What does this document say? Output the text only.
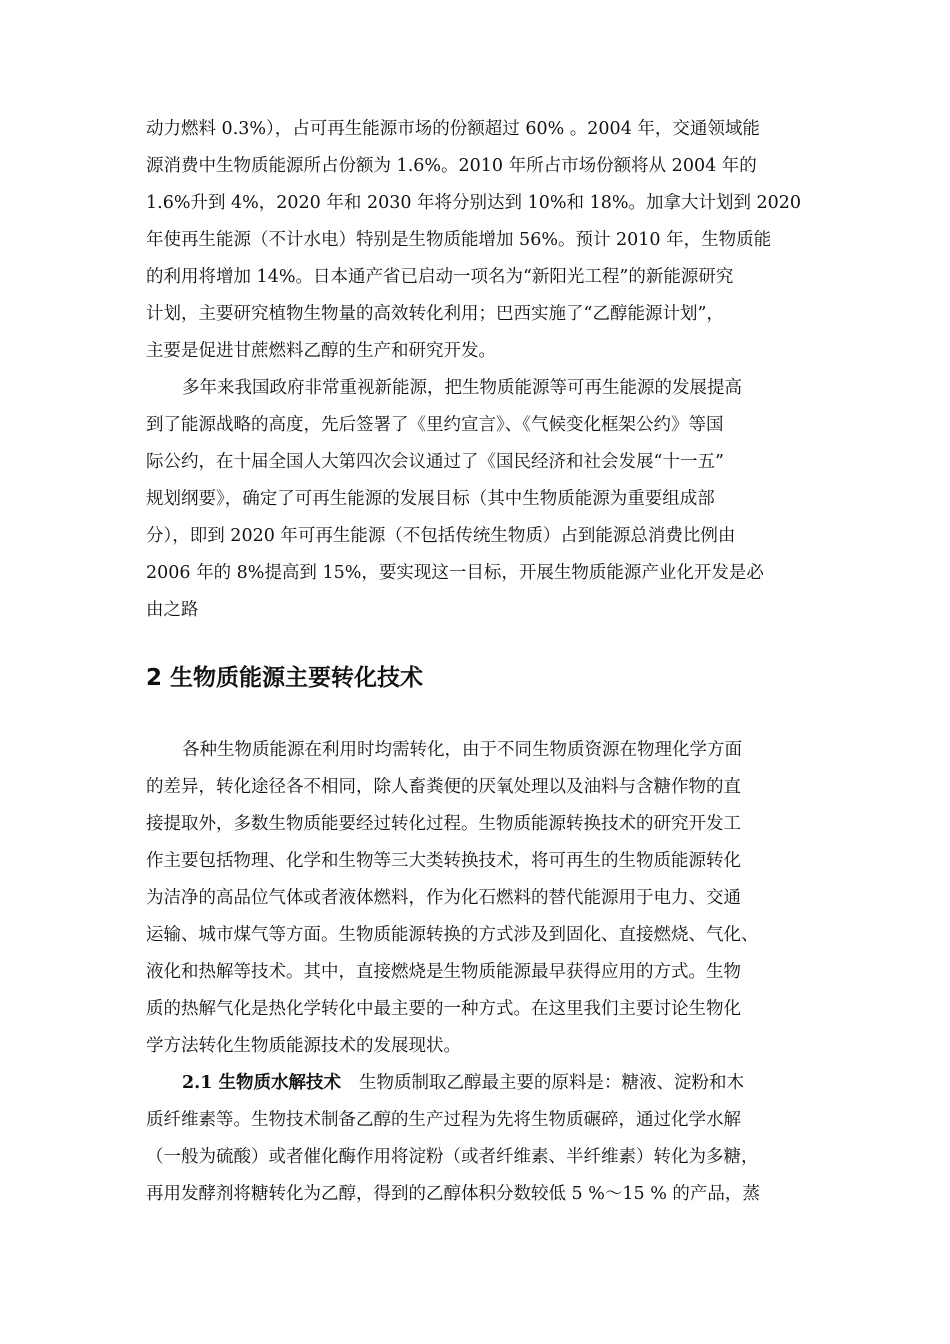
动力燃料 0.3%），占可再生能源市场的份额超过 60% 。2004 年，交通领域能
源消费中生物质能源所占份额为 1.6%。2010 年所占市场份额将从 2004 年的
1.6%升到 4%，2020 年和 2030 年将分别达到 10%和 18%。加拿大计划到 2020
年使再生能源（不计水电）特别是生物质能增加 56%。预计 2010 年，生物质能
的利用将增加 14%。日本通产省已启动一项名为“新阳光工程”的新能源研究
计划，主要研究植物生物量的高效转化利用；巴西实施了“乙醇能源计划”，
主要是促进甘蔗燃料乙醇的生产和研究开发。
多年来我国政府非常重视新能源，把生物质能源等可再生能源的发展提高
到了能源战略的高度，先后签署了《里约宣言》、《气候变化框架公约》等国
际公约，在十届全国人大第四次会议通过了《国民经济和社会发展“十一五”
规划纲要》，确定了可再生能源的发展目标（其中生物质能源为重要组成部
分），即到 2020 年可再生能源（不包括传统生物质）占到能源总消费比例由
2006 年的 8%提高到 15%，要实现这一目标，开展生物质能源产业化开发是必
由之路
2 生物质能源主要转化技术
各种生物质能源在利用时均需转化，由于不同生物质资源在物理化学方面
的差异，转化途径各不相同，除人畜粪便的厌氧处理以及油料与含糖作物的直
接提取外，多数生物质能要经过转化过程。生物质能源转换技术的研究开发工
作主要包括物理、化学和生物等三大类转换技术，将可再生的生物质能源转化
为洁净的高品位气体或者液体燃料，作为化石燃料的替代能源用于电力、交通
运输、城市煤气等方面。生物质能源转换的方式涉及到固化、直接燃烧、气化、
液化和热解等技术。其中，直接燃烧是生物质能源最早获得应用的方式。生物
质的热解气化是热化学转化中最主要的一种方式。在这里我们主要讨论生物化
学方法转化生物质能源技术的发展现状。
2.1 生物质水解技术 生物质制取乙醇最主要的原料是：糖液、淀粉和木
质纤维素等。生物技术制备乙醇的生产过程为先将生物质碾碎，通过化学水解
（一般为硫酸）或者催化酶作用将淀粉（或者纤维素、半纤维素）转化为多糖，
再用发酵剂将糖转化为乙醇，得到的乙醇体积分数较低 5 %～15 % 的产品，蒸
